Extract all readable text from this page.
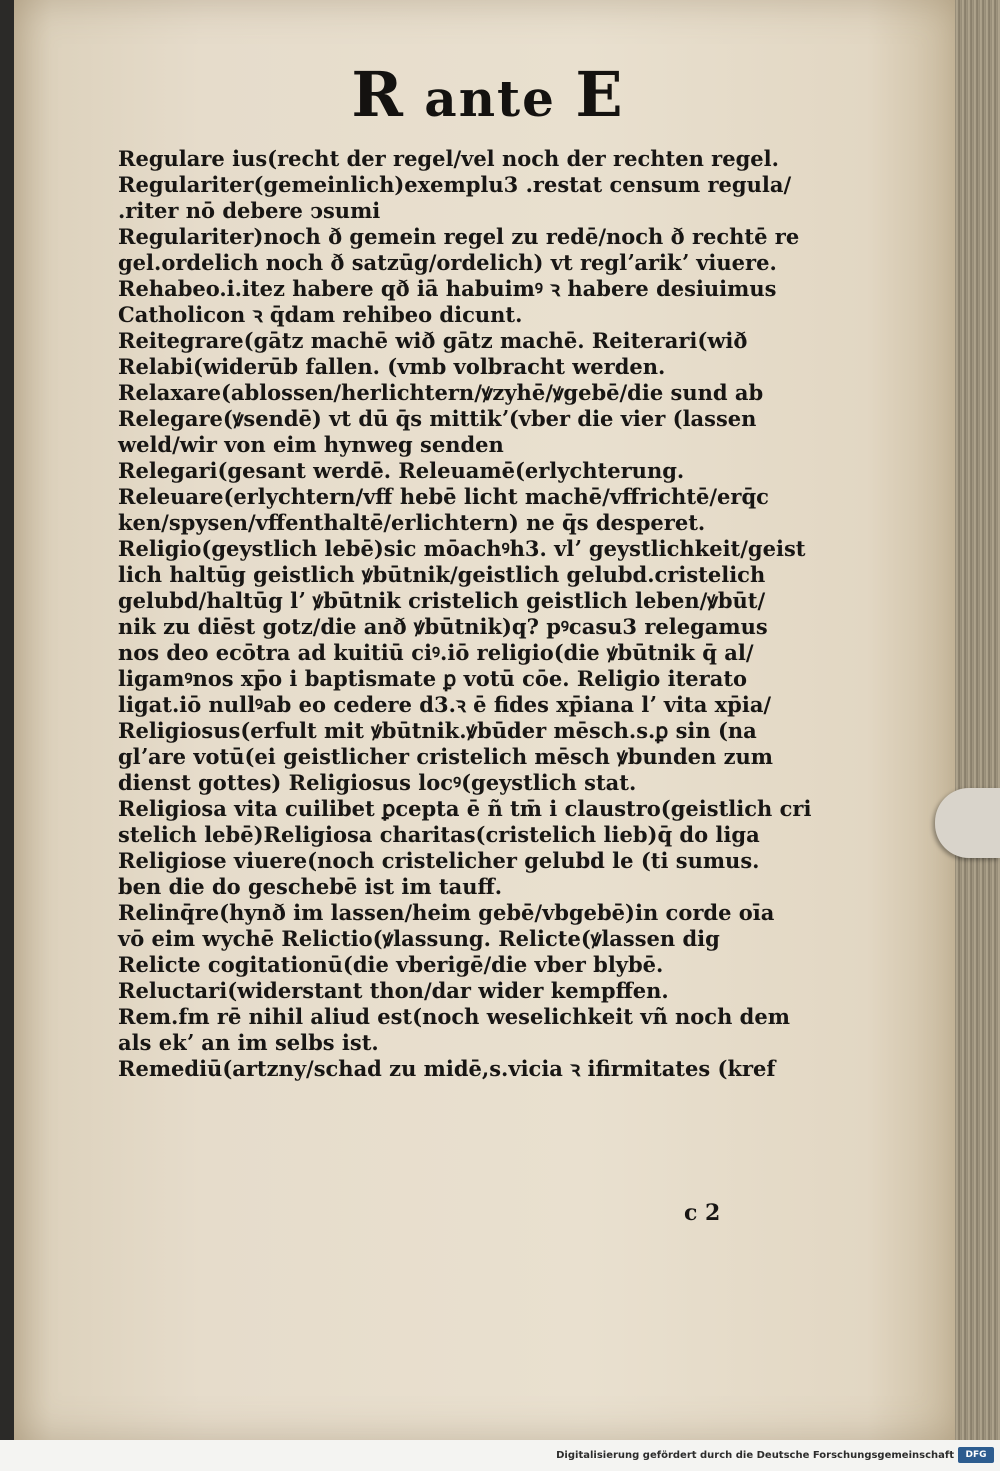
R ante E
Regulare ius(recht der regel/vel noch der rechten regel.
Regulariter(gemeinlich)exemplu3 .restat censum regula/
.riter nō debere ↄsumi
Regulariter)noch ð gemein regel zu redē/noch ð rechtē re
gel.ordelich noch ð satzūg/ordelich) vt reglʼarikʼ viuere.
Rehabeo.i.itez habere qð iā habuimꝰ ꝛ habere desiuimus
Catholicon ꝛ q̄dam rehibeo dicunt.
Reitegrare(gātz machē wið gātz machē. Reiterari(wið
Relabi(widerūb fallen. (vmb volbracht werden.
Relaxare(ablossen/herlichtern/ꝟzyhē/ꝟgebē/die sund ab
Relegare(ꝟsendē) vt dū q̄s mittikʼ(vber die vier (lassen
weld/wir von eim hynweg senden
Relegari(gesant werdē. Releuamē(erlychterung.
Releuare(erlychtern/vff hebē licht machē/vffrichtē/erq̄c
ken/spysen/vffenthaltē/erlichtern) ne q̄s desperet.
Religio(geystlich lebē)sic mōachꝰh3. vlʼ geystlichkeit/geist
lich haltūg geistlich ꝟbūtnik/geistlich gelubd.cristelich
gelubd/haltūg lʼ ꝟbūtnik cristelich geistlich leben/ꝟbūt/
nik zu diēst gotz/die anð ꝟbūtnik)q? pꝰcasu3 relegamus
nos deo ecōtra ad kuitiū ciꝰ.iō religio(die ꝟbūtnik q̄ al/
ligamꝰnos xp̄o i baptismate ꝑ votū cōe. Religio iterato
ligat.iō nullꝰab eo cedere d3.ꝛ ē fides xp̄iana lʼ vita xp̄ia/
Religiosus(erfult mit ꝟbūtnik.ꝟbūder mēsch.s.ꝑ sin (na
glʼare votū(ei geistlicher cristelich mēsch ꝟbunden zum
dienst gottes) Religiosus locꝰ(geystlich stat.
Religiosa vita cuilibet ꝑcepta ē ñ tm̄ i claustro(geistlich cri
stelich lebē)Religiosa charitas(cristelich lieb)q̄ do liga
Religiose viuere(noch cristelicher gelubd le (ti sumus.
ben die do geschebē ist im tauff.
Relinq̄re(hynð im lassen/heim gebē/vbgebē)in corde oīa
vō eim wychē Relictio(ꝟlassung. Relicte(ꝟlassen dig
Relicte cogitationū(die vberigē/die vber blybē.
Reluctari(widerstant thon/dar wider kempffen.
Rem.fm rē nihil aliud est(noch weselichkeit vñ noch dem
als ekʼ an im selbs ist.
Remediū(artzny/schad zu midē,s.vicia ꝛ ifirmitates (kref
c 2
Digitalisierung gefördert durch die Deutsche Forschungsgemeinschaft	DFG
